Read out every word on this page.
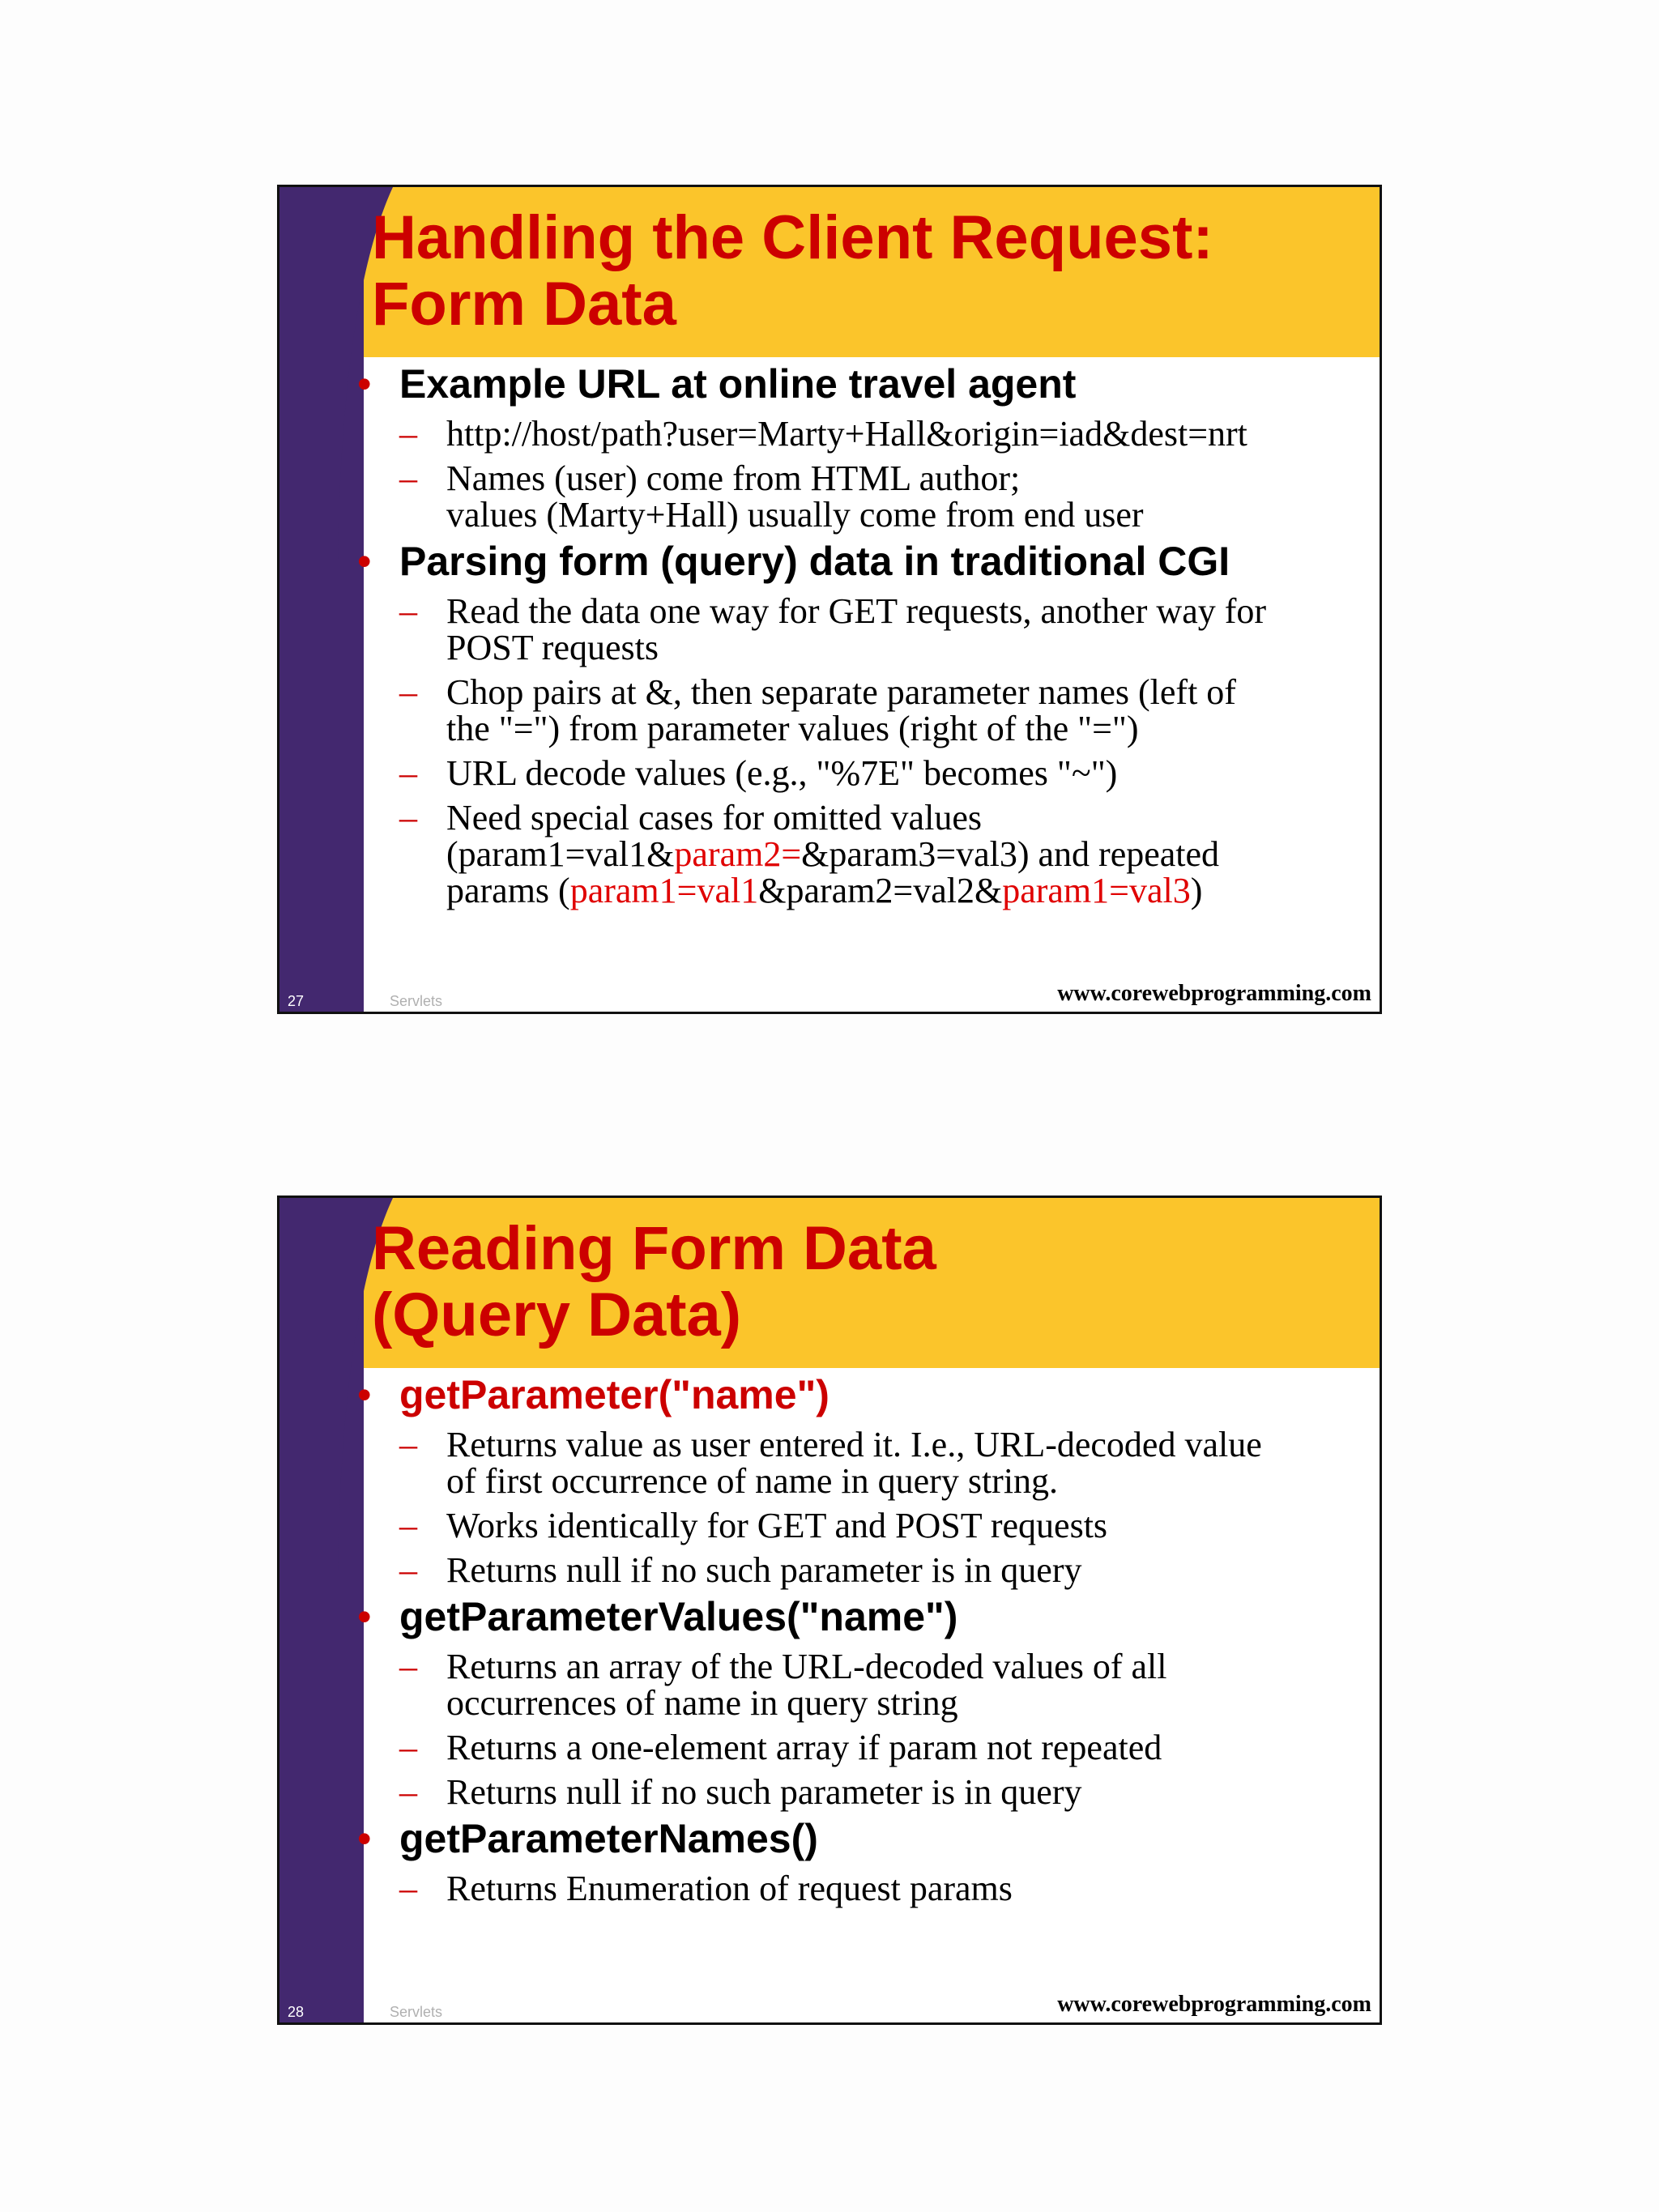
Handling the Client Request:
Form Data
• Example URL at online travel agent
– http://host/path?user=Marty+Hall&origin=iad&dest=nrt
– Names (user) come from HTML author;
values (Marty+Hall) usually come from end user
• Parsing form (query) data in traditional CGI
– Read the data one way for GET requests, another way for
POST requests
– Chop pairs at &, then separate parameter names (left of
the "=") from parameter values (right of the "=")
– URL decode values (e.g., "%7E" becomes "~")
– Need special cases for omitted values
(param1=val1&param2=&param3=val3) and repeated
params (param1=val1&param2=val2&param1=val3)
27	Servlets	www.corewebprogramming.com
Reading Form Data
(Query Data)
• getParameter("name")
– Returns value as user entered it. I.e., URL-decoded value
of first occurrence of name in query string.
– Works identically for GET and POST requests
– Returns null if no such parameter is in query
• getParameterValues("name")
– Returns an array of the URL-decoded values of all
occurrences of name in query string
– Returns a one-element array if param not repeated
– Returns null if no such parameter is in query
• getParameterNames()
– Returns Enumeration of request params
28	Servlets	www.corewebprogramming.com
